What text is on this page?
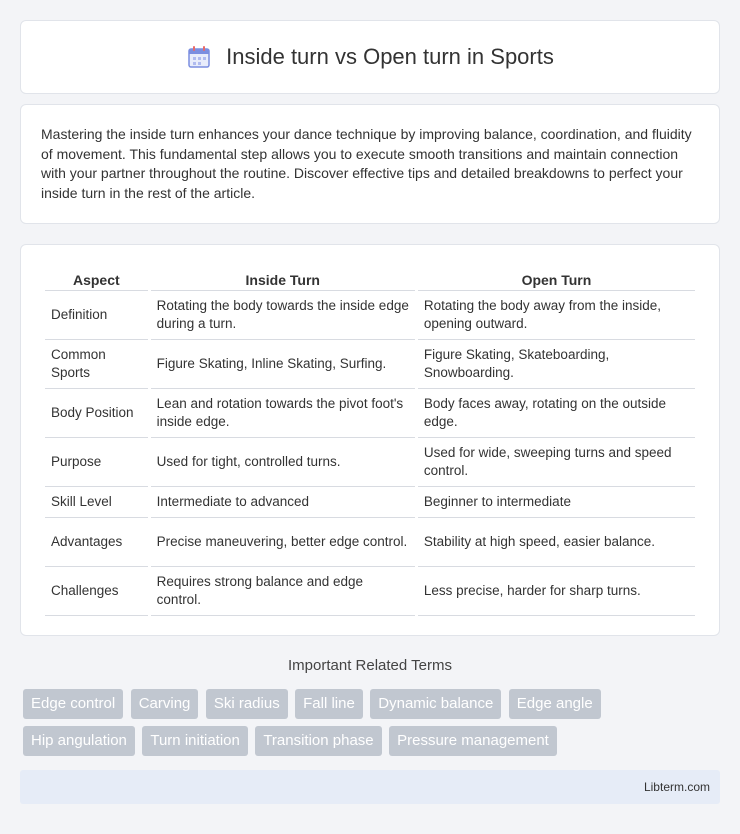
Inside turn vs Open turn in Sports

Mastering the inside turn enhances your dance technique by improving balance, coordination, and fluidity of movement. This fundamental step allows you to execute smooth transitions and maintain connection with your partner throughout the routine. Discover effective tips and detailed breakdowns to perfect your inside turn in the rest of the article.

Aspect	Inside Turn	Open Turn
Definition	Rotating the body towards the inside edge during a turn.	Rotating the body away from the inside, opening outward.
Common Sports	Figure Skating, Inline Skating, Surfing.	Figure Skating, Skateboarding, Snowboarding.
Body Position	Lean and rotation towards the pivot foot's inside edge.	Body faces away, rotating on the outside edge.
Purpose	Used for tight, controlled turns.	Used for wide, sweeping turns and speed control.
Skill Level	Intermediate to advanced	Beginner to intermediate
Advantages	Precise maneuvering, better edge control.	Stability at high speed, easier balance.
Challenges	Requires strong balance and edge control.	Less precise, harder for sharp turns.
Important Related Terms
Edge control Carving Ski radius Fall line Dynamic balance Edge angle Hip angulation Turn initiation Transition phase Pressure management
Libterm.com
